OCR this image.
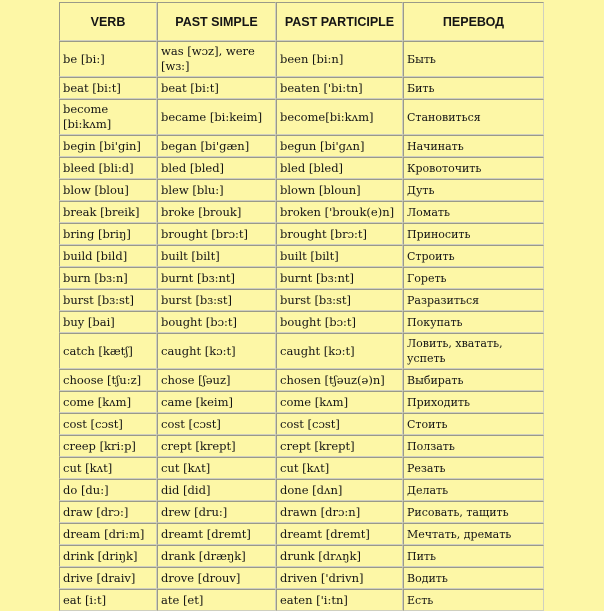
VERB	PAST SIMPLE	PAST PARTICIPLE	ПЕРЕВОД
be [bi:]	was [wɔz], were [wɜ:]	been [bi:n]	Быть
beat [bi:t]	beat [bi:t]	beaten ['bi:tn]	Бить
become [bi:kʌm]	became [bi:keim]	become[bi:kʌm]	Становиться
begin [bi'gin]	began [bi'gæn]	begun [bi'gʌn]	Начинать
bleed [bli:d]	bled [bled]	bled [bled]	Кровоточить
blow [blou]	blew [blu:]	blown [bloun]	Дуть
break [breik]	broke [brouk]	broken ['brouk(e)n]	Ломать
bring [briŋ]	brought [brɔ:t]	brought [brɔ:t]	Приносить
build [bild]	built [bilt]	built [bilt]	Строить
burn [bɜ:n]	burnt [bɜ:nt]	burnt [bɜ:nt]	Гореть
burst [bɜ:st]	burst [bɜ:st]	burst [bɜ:st]	Разразиться
buy [bai]	bought [bɔ:t]	bought [bɔ:t]	Покупать
catch [kætʃ]	caught [kɔ:t]	caught [kɔ:t]	Ловить, хватать, успеть
choose [tʃu:z]	chose [ʃəuz]	chosen [tʃəuz(ə)n]	Выбирать
come [kʌm]	came [keim]	come [kʌm]	Приходить
cost [cɔst]	cost [cɔst]	cost [cɔst]	Стоить
creep [kri:p]	crept [krept]	crept [krept]	Ползать
cut [kʌt]	cut [kʌt]	cut [kʌt]	Резать
do [du:]	did [did]	done [dʌn]	Делать
draw [drɔ:]	drew [dru:]	drawn [drɔ:n]	Рисовать, тащить
dream [dri:m]	dreamt [dremt]	dreamt [dremt]	Мечтать, дремать
drink [driŋk]	drank [dræŋk]	drunk [drʌŋk]	Пить
drive [draiv]	drove [drouv]	driven ['drivn]	Водить
eat [i:t]	ate [et]	eaten ['i:tn]	Есть
